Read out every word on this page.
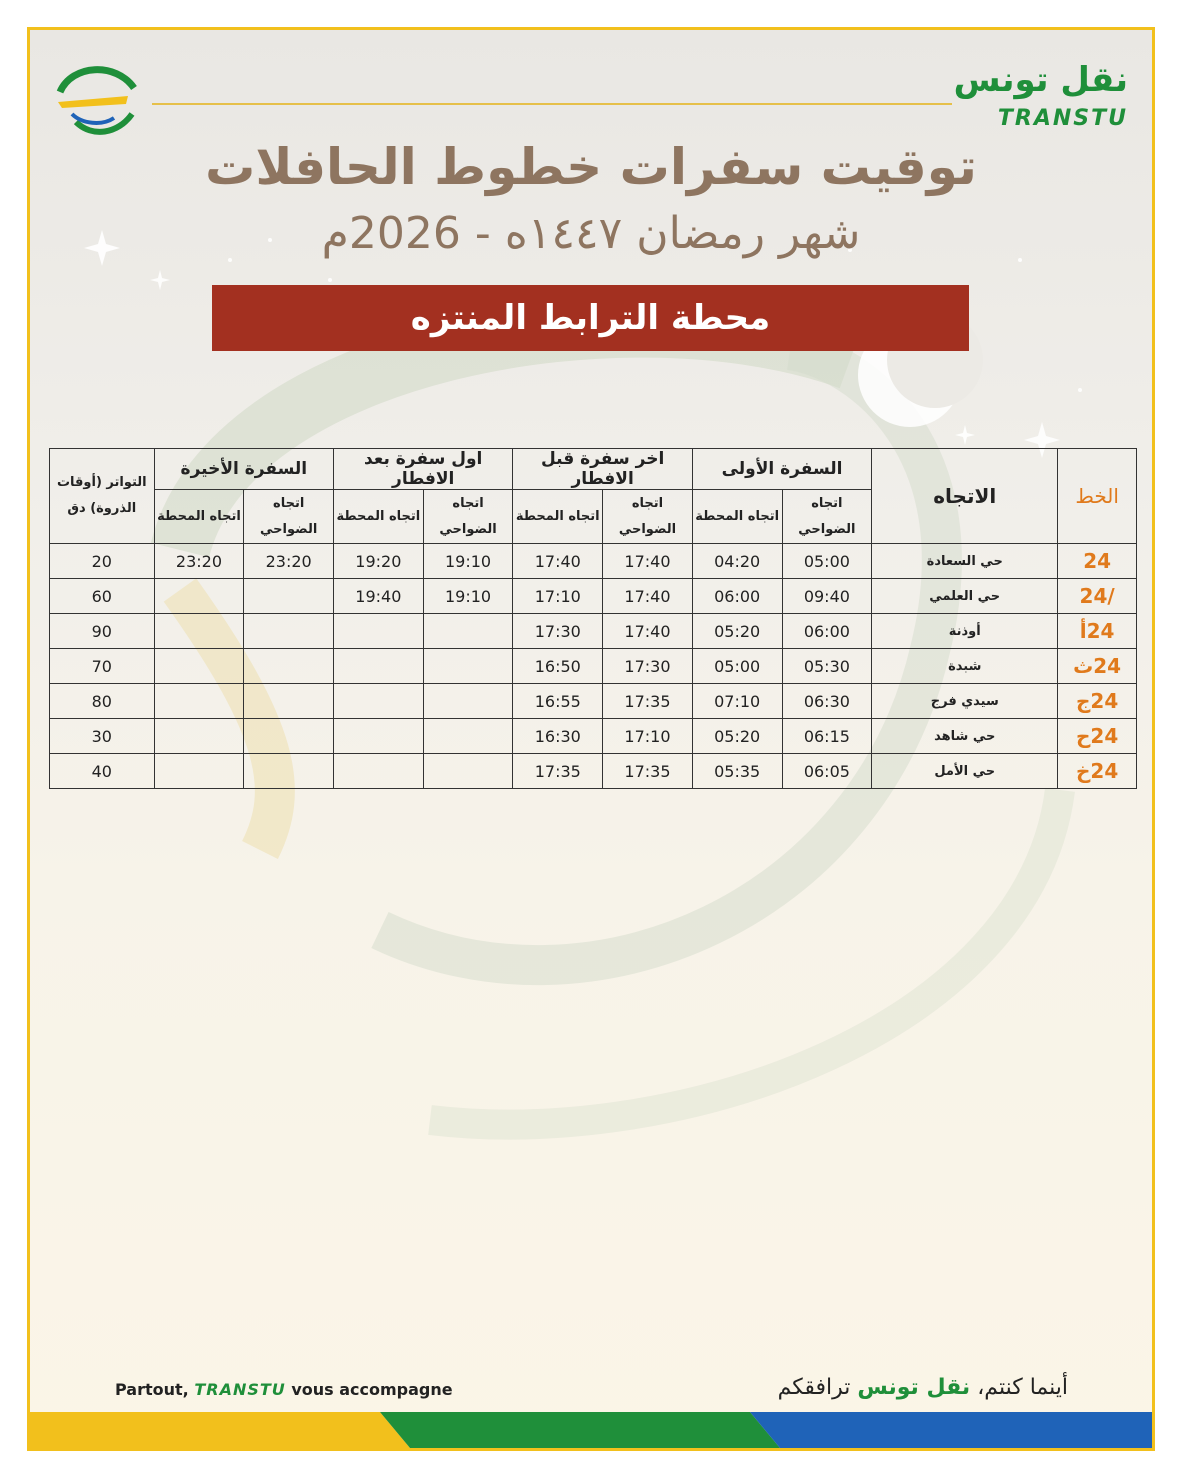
نقل تونس
TRANSTU
توقيت سفرات خطوط الحافلات
شهر رمضان ١٤٤٧ه - 2026م
محطة الترابط المنتزه
الخط	الاتجاه	السفرة الأولى		اخر سفرة قبل الافطار		اول سفرة بعد الافطار		السفرة الأخيرة		التواتر (أوقات الذروة) دق
		اتجاه الضواحي	اتجاه المحطة	اتجاه الضواحي	اتجاه المحطة	اتجاه الضواحي	اتجاه المحطة	اتجاه الضواحي	اتجاه المحطة	
24	حي السعادة	05:00	04:20	17:40	17:40	19:10	19:20	23:20	23:20	20
/24	حي العلمي	09:40	06:00	17:40	17:10	19:10	19:40			60
24أ	أوذنة	06:00	05:20	17:40	17:30					90
24ث	شبدة	05:30	05:00	17:30	16:50					70
24ج	سيدي فرج	06:30	07:10	17:35	16:55					80
24ح	حي شاهد	06:15	05:20	17:10	16:30					30
24خ	حي الأمل	06:05	05:35	17:35	17:35					40
Partout, TRANSTU vous accompagne	أينما كنتم، نقل تونس ترافقكم
